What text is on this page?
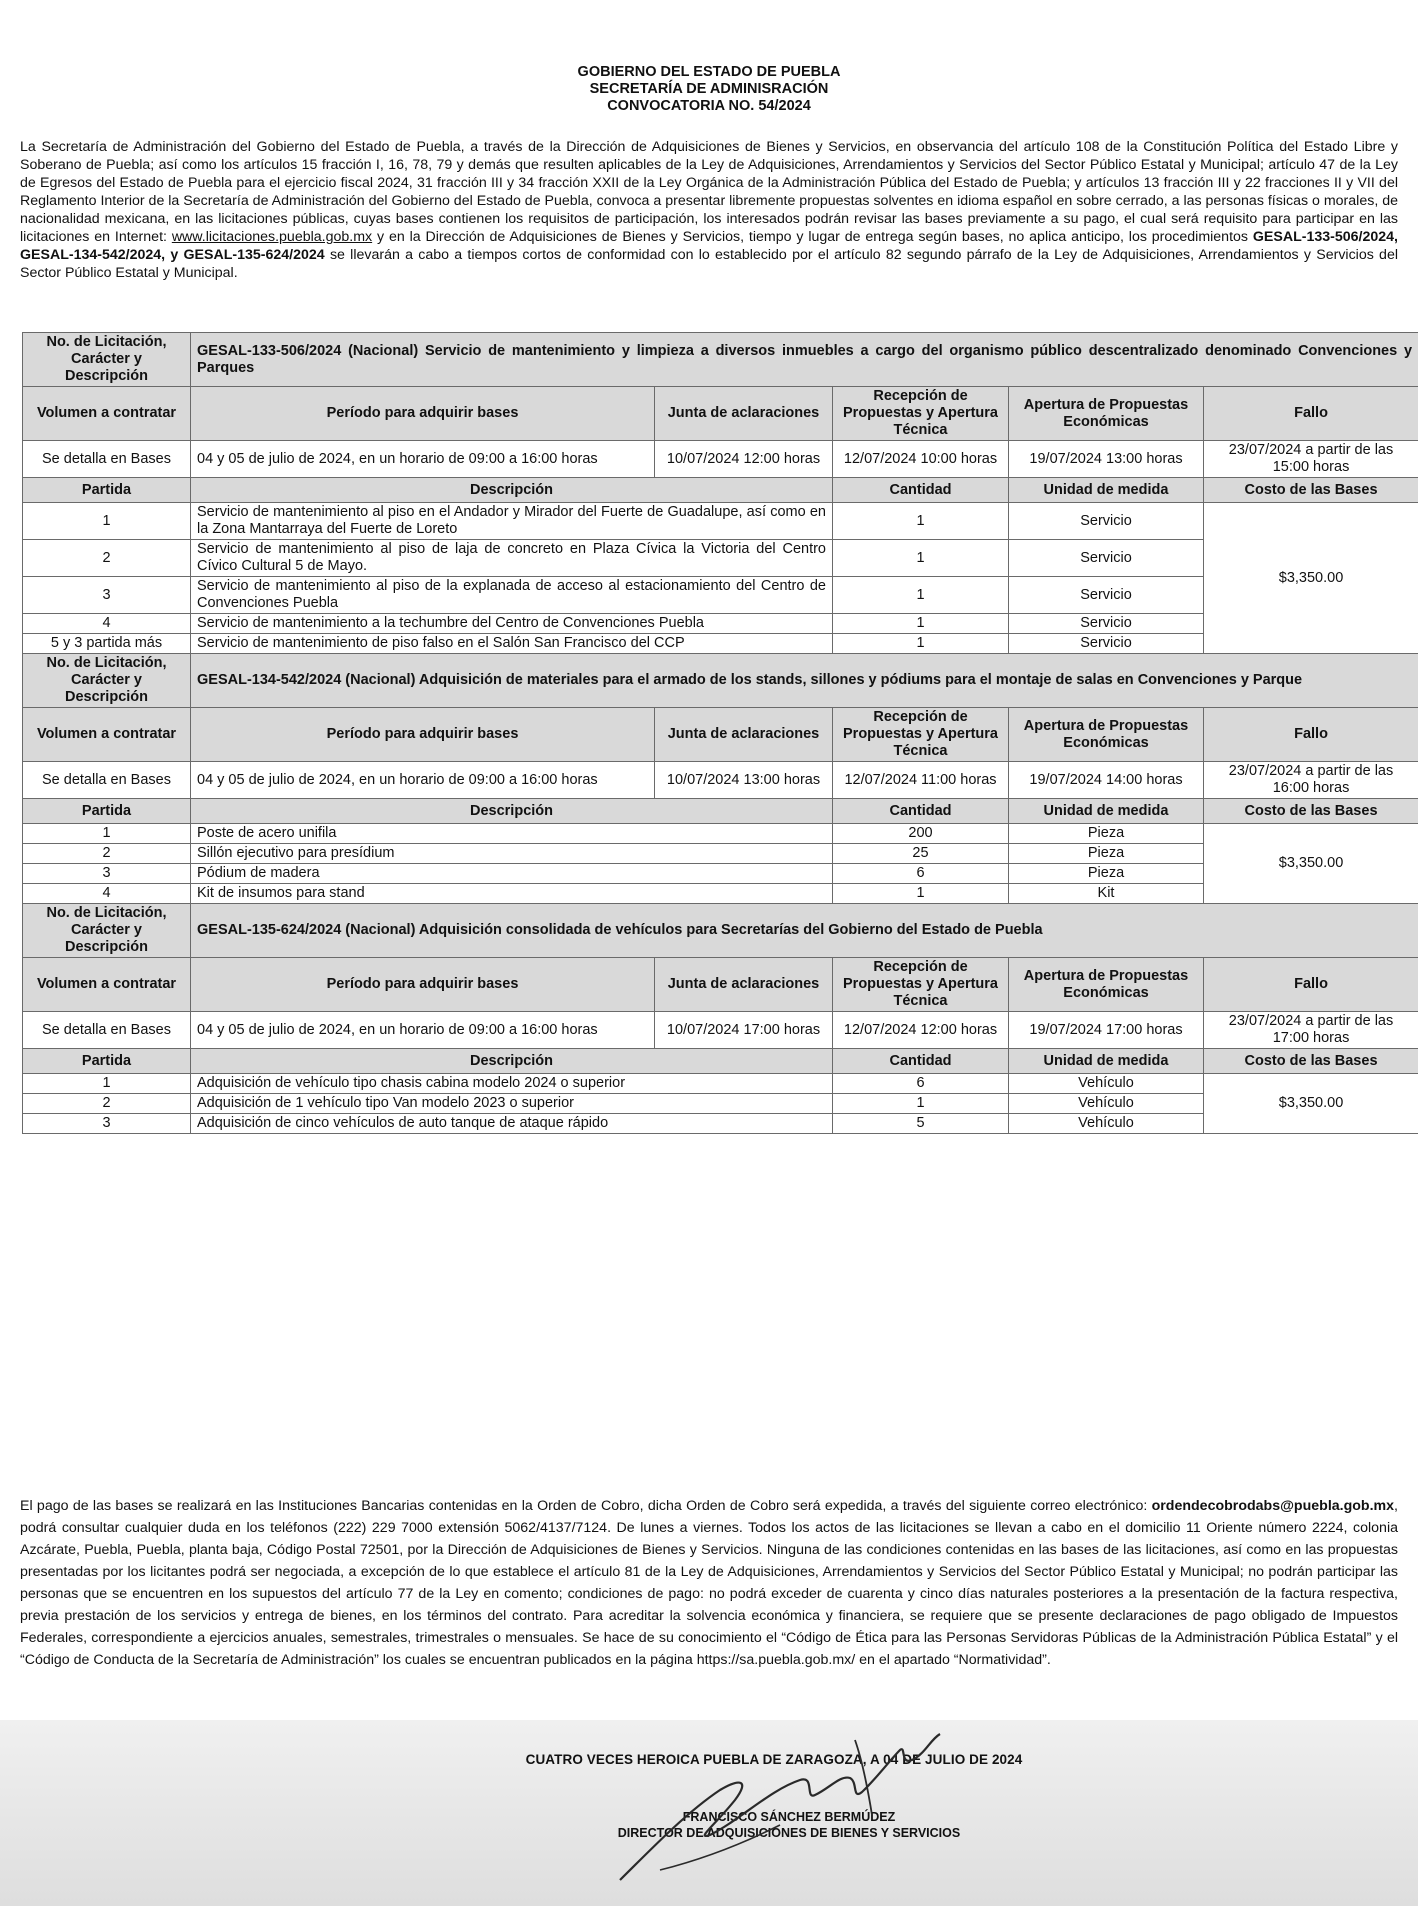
GOBIERNO DEL ESTADO DE PUEBLA
SECRETARÍA DE ADMINISRACIÓN
CONVOCATORIA NO. 54/2024
La Secretaría de Administración del Gobierno del Estado de Puebla, a través de la Dirección de Adquisiciones de Bienes y Servicios, en observancia del artículo 108 de la Constitución Política del Estado Libre y Soberano de Puebla; así como los artículos 15 fracción I, 16, 78, 79 y demás que resulten aplicables de la Ley de Adquisiciones, Arrendamientos y Servicios del Sector Público Estatal y Municipal; artículo 47 de la Ley de Egresos del Estado de Puebla para el ejercicio fiscal 2024, 31 fracción III y 34 fracción XXII de la Ley Orgánica de la Administración Pública del Estado de Puebla; y artículos 13 fracción III y 22 fracciones II y VII del Reglamento Interior de la Secretaría de Administración del Gobierno del Estado de Puebla, convoca a presentar libremente propuestas solventes en idioma español en sobre cerrado, a las personas físicas o morales, de nacionalidad mexicana, en las licitaciones públicas, cuyas bases contienen los requisitos de participación, los interesados podrán revisar las bases previamente a su pago, el cual será requisito para participar en las licitaciones en Internet: www.licitaciones.puebla.gob.mx y en la Dirección de Adquisiciones de Bienes y Servicios, tiempo y lugar de entrega según bases, no aplica anticipo, los procedimientos GESAL-133-506/2024, GESAL-134-542/2024, y GESAL-135-624/2024 se llevarán a cabo a tiempos cortos de conformidad con lo establecido por el artículo 82 segundo párrafo de la Ley de Adquisiciones, Arrendamientos y Servicios del Sector Público Estatal y Municipal.
No. de Licitación, Carácter y Descripción	GESAL-133-506/2024 (Nacional) Servicio de mantenimiento y limpieza a diversos inmuebles a cargo del organismo público descentralizado denominado Convenciones y Parques				
Volumen a contratar	Período para adquirir bases	Junta de aclaraciones	Recepción de Propuestas y Apertura Técnica	Apertura de Propuestas Económicas	Fallo
Se detalla en Bases	04 y 05 de julio de 2024, en un horario de 09:00 a 16:00 horas	10/07/2024 12:00 horas	12/07/2024 10:00 horas	19/07/2024 13:00 horas	23/07/2024 a partir de las 15:00 horas
Partida	Descripción		Cantidad	Unidad de medida	Costo de las Bases
1	Servicio de mantenimiento al piso en el Andador y Mirador del Fuerte de Guadalupe, así como en la Zona Mantarraya del Fuerte de Loreto		1	Servicio	$3,350.00
2	Servicio de mantenimiento al piso de laja de concreto en Plaza Cívica la Victoria del Centro Cívico Cultural 5 de Mayo.		1	Servicio	
3	Servicio de mantenimiento al piso de la explanada de acceso al estacionamiento del Centro de Convenciones Puebla		1	Servicio	
4	Servicio de mantenimiento a la techumbre del Centro de Convenciones Puebla		1	Servicio	
5 y 3 partida más	Servicio de mantenimiento de piso falso en el Salón San Francisco del CCP		1	Servicio	
No. de Licitación, Carácter y Descripción	GESAL-134-542/2024 (Nacional) Adquisición de materiales para el armado de los stands, sillones y pódiums para el montaje de salas en Convenciones y Parque				
Volumen a contratar	Período para adquirir bases	Junta de aclaraciones	Recepción de Propuestas y Apertura Técnica	Apertura de Propuestas Económicas	Fallo
Se detalla en Bases	04 y 05 de julio de 2024, en un horario de 09:00 a 16:00 horas	10/07/2024 13:00 horas	12/07/2024 11:00 horas	19/07/2024 14:00 horas	23/07/2024 a partir de las 16:00 horas
Partida	Descripción		Cantidad	Unidad de medida	Costo de las Bases
1	Poste de acero unifila		200	Pieza	$3,350.00
2	Sillón ejecutivo para presídium		25	Pieza	
3	Pódium de madera		6	Pieza	
4	Kit de insumos para stand		1	Kit	
No. de Licitación, Carácter y Descripción	GESAL-135-624/2024 (Nacional) Adquisición consolidada de vehículos para Secretarías del Gobierno del Estado de Puebla				
Volumen a contratar	Período para adquirir bases	Junta de aclaraciones	Recepción de Propuestas y Apertura Técnica	Apertura de Propuestas Económicas	Fallo
Se detalla en Bases	04 y 05 de julio de 2024, en un horario de 09:00 a 16:00 horas	10/07/2024 17:00 horas	12/07/2024 12:00 horas	19/07/2024 17:00 horas	23/07/2024 a partir de las 17:00 horas
Partida	Descripción		Cantidad	Unidad de medida	Costo de las Bases
1	Adquisición de vehículo tipo chasis cabina modelo 2024 o superior		6	Vehículo	$3,350.00
2	Adquisición de 1 vehículo tipo Van modelo 2023 o superior		1	Vehículo	
3	Adquisición de cinco vehículos de auto tanque de ataque rápido		5	Vehículo	
El pago de las bases se realizará en las Instituciones Bancarias contenidas en la Orden de Cobro, dicha Orden de Cobro será expedida, a través del siguiente correo electrónico: ordendecobrodabs@puebla.gob.mx, podrá consultar cualquier duda en los teléfonos (222) 229 7000 extensión 5062/4137/7124. De lunes a viernes. Todos los actos de las licitaciones se llevan a cabo en el domicilio 11 Oriente número 2224, colonia Azcárate, Puebla, Puebla, planta baja, Código Postal 72501, por la Dirección de Adquisiciones de Bienes y Servicios. Ninguna de las condiciones contenidas en las bases de las licitaciones, así como en las propuestas presentadas por los licitantes podrá ser negociada, a excepción de lo que establece el artículo 81 de la Ley de Adquisiciones, Arrendamientos y Servicios del Sector Público Estatal y Municipal; no podrán participar las personas que se encuentren en los supuestos del artículo 77 de la Ley en comento; condiciones de pago: no podrá exceder de cuarenta y cinco días naturales posteriores a la presentación de la factura respectiva, previa prestación de los servicios y entrega de bienes, en los términos del contrato. Para acreditar la solvencia económica y financiera, se requiere que se presente declaraciones de pago obligado de Impuestos Federales, correspondiente a ejercicios anuales, semestrales, trimestrales o mensuales. Se hace de su conocimiento el “Código de Ética para las Personas Servidoras Públicas de la Administración Pública Estatal” y el “Código de Conducta de la Secretaría de Administración” los cuales se encuentran publicados en la página https://sa.puebla.gob.mx/ en el apartado “Normatividad”.
CUATRO VECES HEROICA PUEBLA DE ZARAGOZA, A 04 DE JULIO DE 2024
FRANCISCO SÁNCHEZ BERMÚDEZ
DIRECTOR DE ADQUISICIONES DE BIENES Y SERVICIOS
